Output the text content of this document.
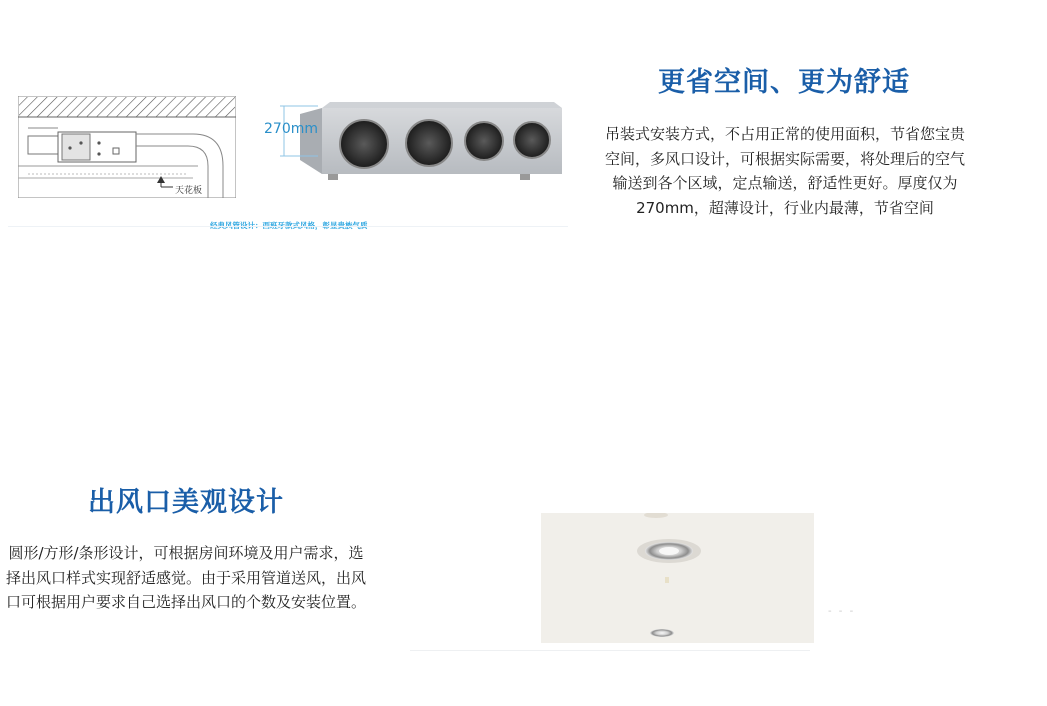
天花板
270mm
更省空间、更为舒适
吊装式安装方式，不占用正常的使用面积，节省您宝贵空间，多风口设计，可根据实际需要，将处理后的空气输送到各个区域，定点输送，舒适性更好。厚度仅为270mm，超薄设计，行业内最薄，节省空间
出风口美观设计
圆形/方形/条形设计，可根据房间环境及用户需求，选择出风口样式实现舒适感觉。由于采用管道送风，出风口可根据用户要求自己选择出风口的个数及安装位置。
- - -
